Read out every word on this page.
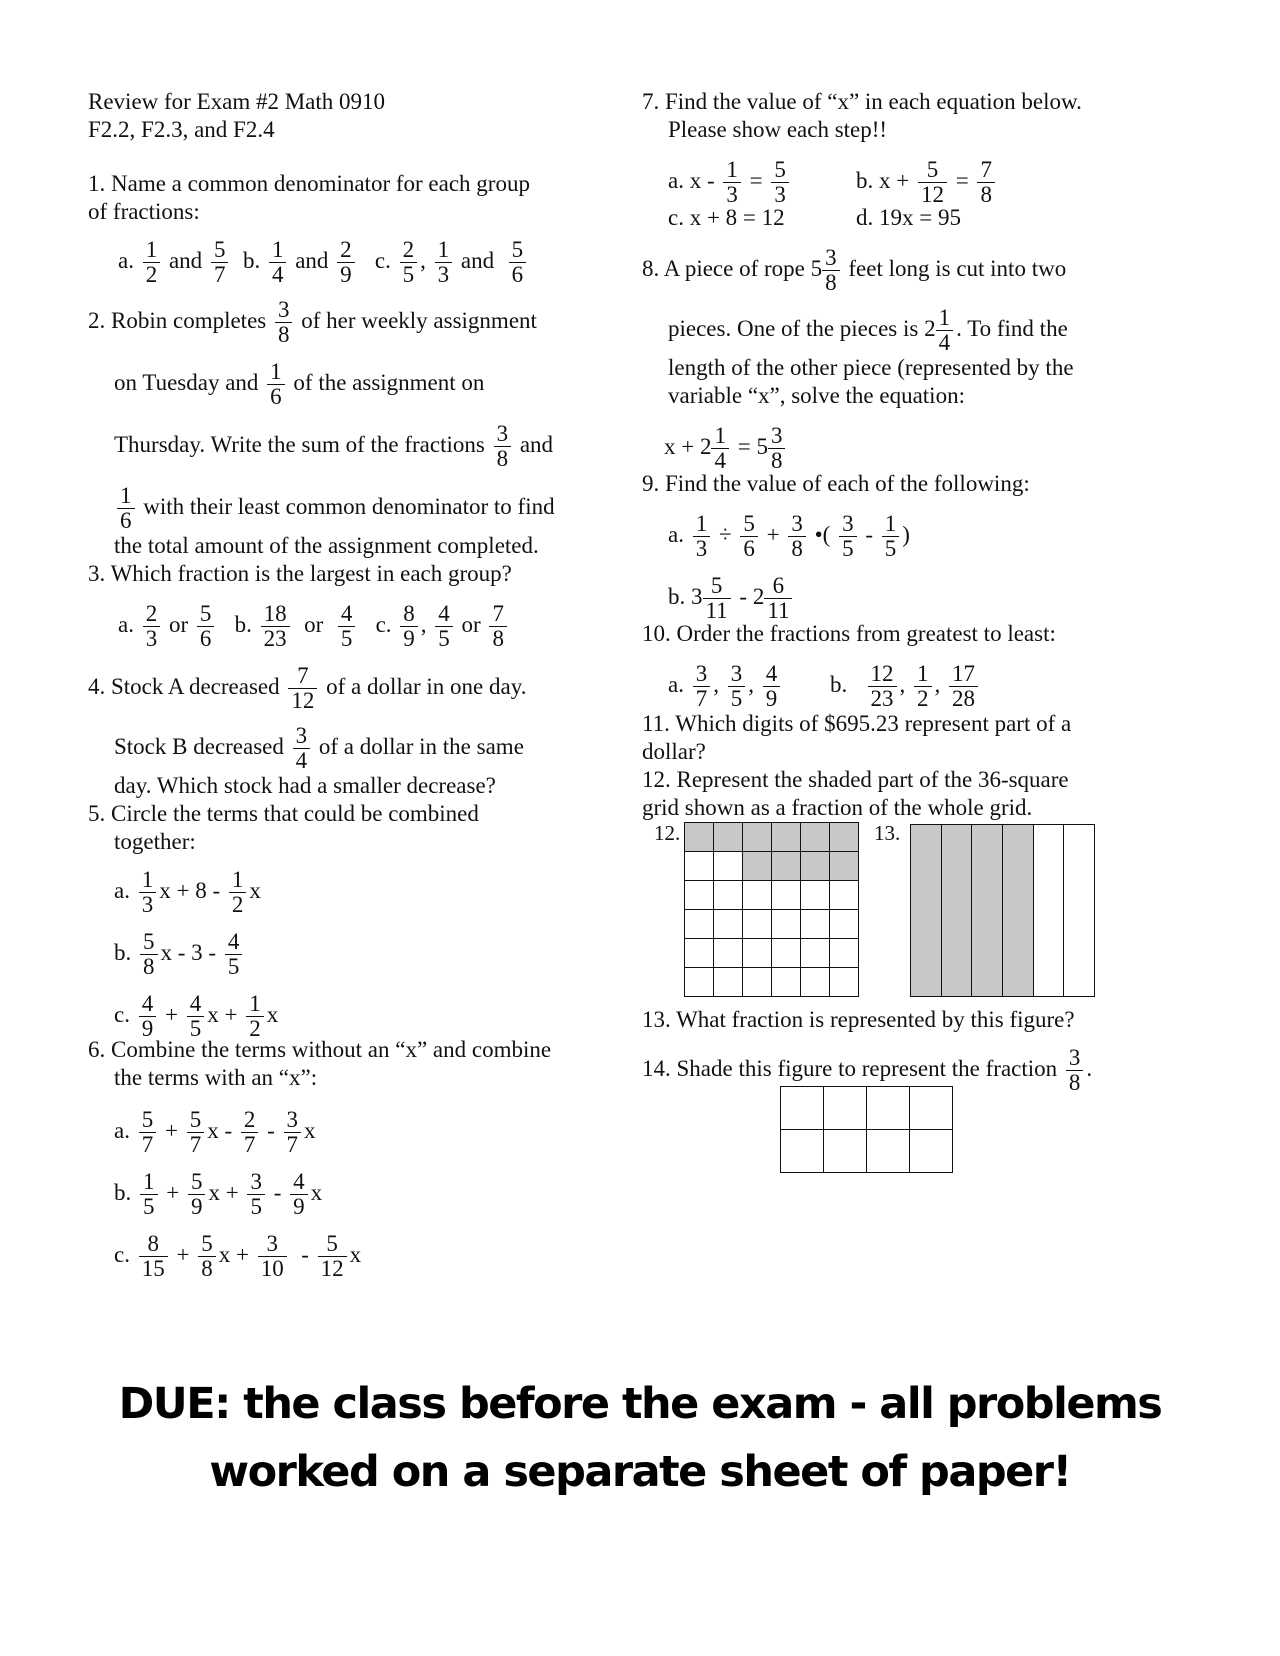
Review for Exam #2 Math 0910
F2.2, F2.3, and F2.4
1. Name a common denominator for each group
of fractions:
a. $\frac{1}{2}$ and $\frac{5}{7} b$. $\frac{1}{4}$ and $\frac{2}{9} c$. $\frac{2}{5}$ , $\frac{1}{3}$ and $\frac{5}{6}$
2. Robin completes $\frac{3}{8}$ of her weekly assignment
on Tuesday and $\frac{1}{6}$ of the assignment on
Thursday. Write the sum of the fractions $\frac{3}{8}$ and
$\frac{1}{6}$ with their least common denominator to find
the total amount of the assignment completed.
3. Which fraction is the largest in each group?
a. $\frac{2}{3}$ or $\frac{5}{6} b$. $\frac{18}{23}$ or $\frac{4}{5} c$. $\frac{8}{9}$ , $\frac{4}{5}$ or $\frac{7}{8}$
4. Stock A decreased $\frac{7}{12}$ of a dollar in one day.
Stock B decreased $\frac{3}{4}$ of a dollar in the same
day. Which stock had a smaller decrease?
5. Circle the terms that could be combined
together:
a. $\frac{1}{3}$ $x + 8 - \frac{1}{2}$ x
b. $\frac{5}{8}$ x - $3 - \frac{4}{5}$
c. $\frac{4}{9} + \frac{4}{5}$ $x + \frac{1}{2}$ x
6. Combine the terms without an “x” and combine
the terms with an “x”:
a. $\frac{5}{7} + \frac{5}{7}$ x - $\frac{2}{7} - \frac{3}{7}$ x
b. $\frac{1}{5} + \frac{5}{9}$ $x + \frac{3}{5} - \frac{4}{9}$ x
c. $\frac{8}{15} + \frac{5}{8}$ $x + \frac{3}{10} - \frac{5}{12}$ x
7. Find the value of “x” in each equation below.
Please show each step!!
a. $x - \frac{1}{3} = \frac{5}{3}$	b. $x + \frac{5}{12} = \frac{7}{8}$
c. x + 8 = 12	d. 19x = 95
8. A piece of rope $5 \frac{3}{8}$ feet long is cut into two
pieces. One of the pieces is $2 \frac{1}{4}$ . To find the
length of the other piece (represented by the
variable “x”, solve the equation:
$x + 2 \frac{1}{4} = 5 \frac{3}{8}$
9. Find the value of each of the following:
a. $\frac{1}{3} \div \frac{5}{6} + \frac{3}{8}$ •( $\frac{3}{5} - \frac{1}{5}$ )
b. $3 \frac{5}{11} - 2 \frac{6}{11}$
10. Order the fractions from greatest to least:
a. $\frac{3}{7}$ , $\frac{3}{5}$ , $\frac{4}{9} b$. $\frac{12}{23}$ , $\frac{1}{2}$ , $\frac{17}{28}$
11. Which digits of $695.23 represent part of a
dollar?
12. Represent the shaded part of the 36-square
grid shown as a fraction of the whole grid.
12.	13.
13. What fraction is represented by this figure?
14. Shade this figure to represent the fraction $\frac{3}{8}$ .
DUE: the class before the exam - all problems
worked on a separate sheet of paper!
